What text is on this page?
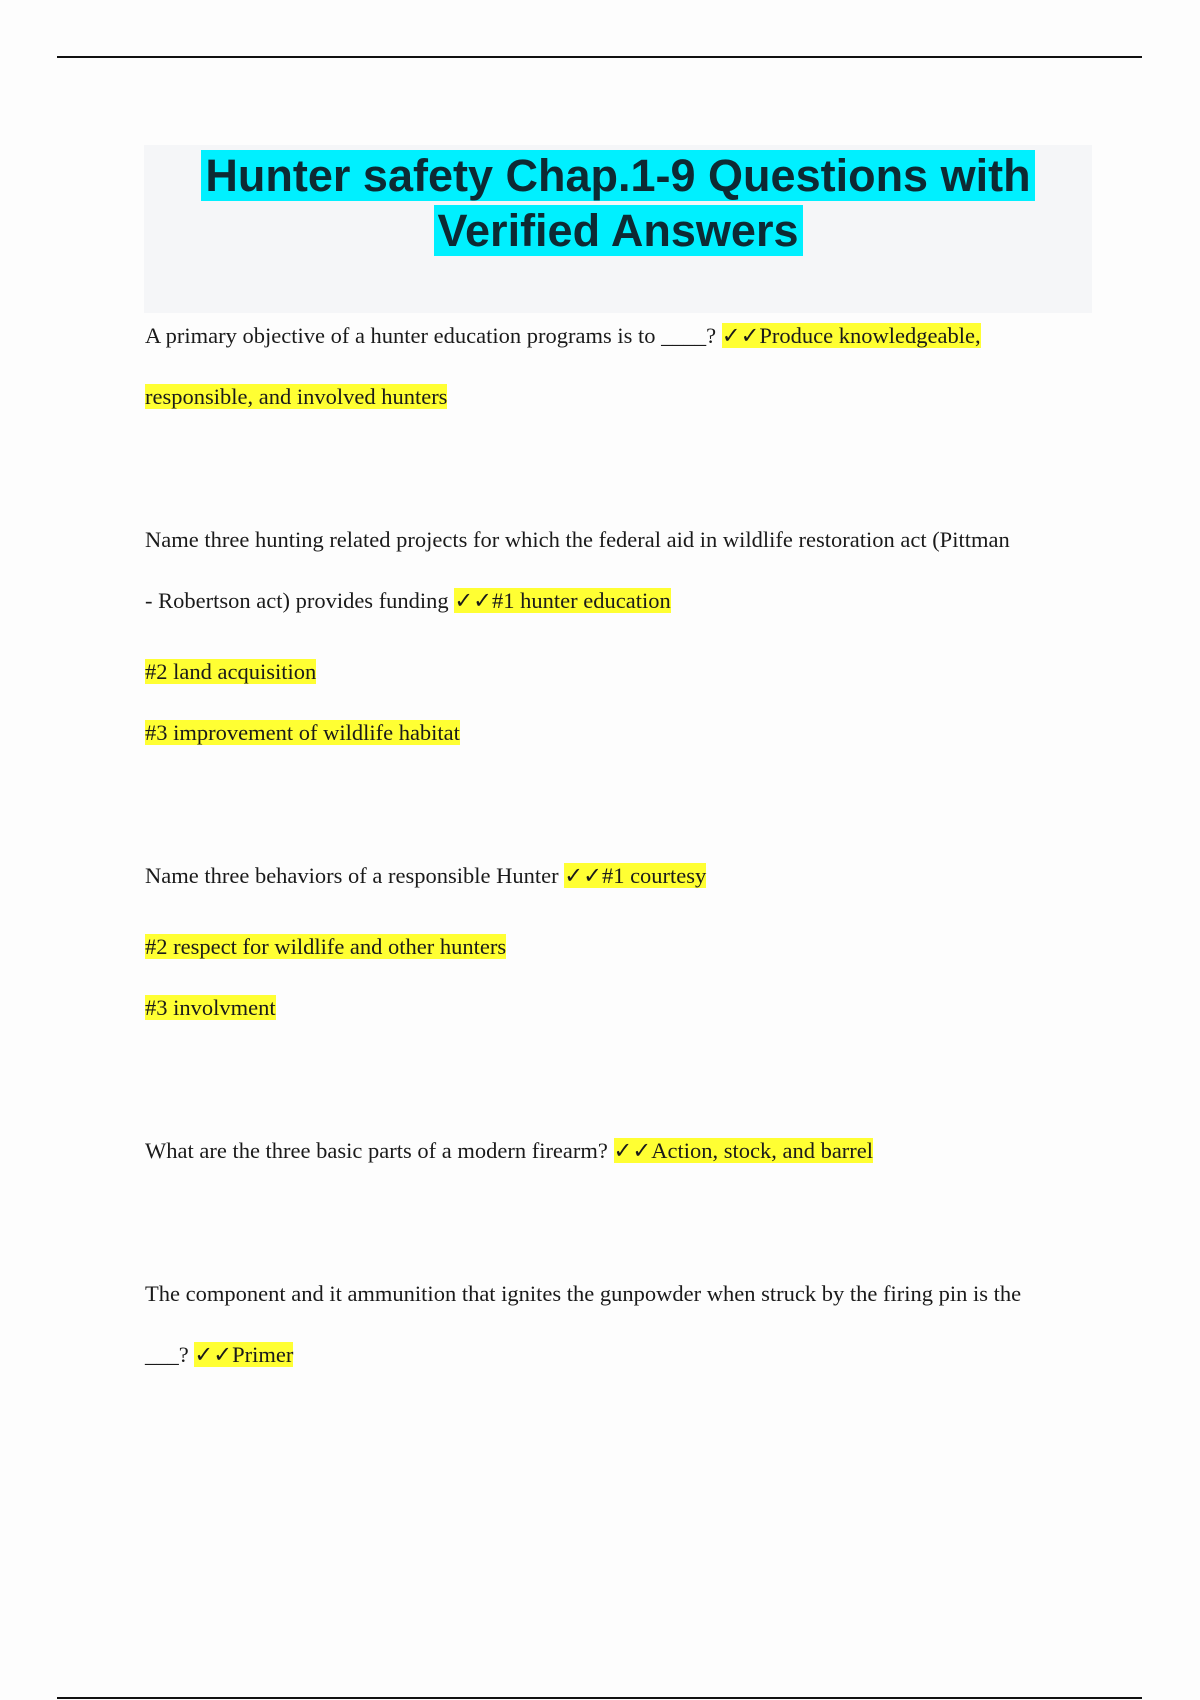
Hunter safety Chap.1-9 Questions with
Verified Answers
A primary objective of a hunter education programs is to ____? ✓✓Produce knowledgeable,
responsible, and involved hunters
Name three hunting related projects for which the federal aid in wildlife restoration act (Pittman
- Robertson act) provides funding ✓✓#1 hunter education
#2 land acquisition
#3 improvement of wildlife habitat
Name three behaviors of a responsible Hunter ✓✓#1 courtesy
#2 respect for wildlife and other hunters
#3 involvment
What are the three basic parts of a modern firearm? ✓✓Action, stock, and barrel
The component and it ammunition that ignites the gunpowder when struck by the firing pin is the
___? ✓✓Primer
